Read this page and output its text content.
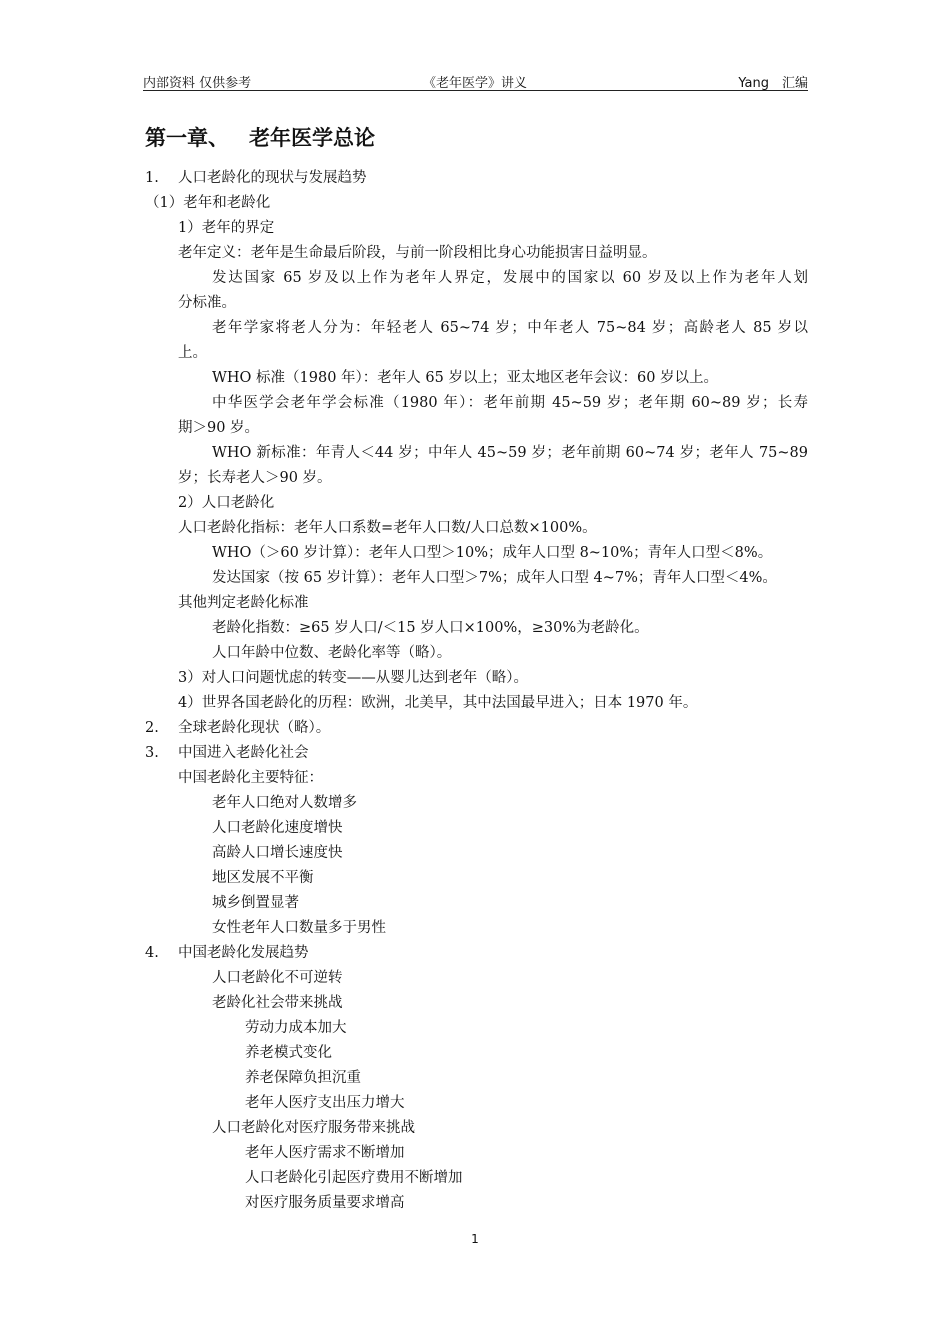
内部资料 仅供参考	《老年医学》讲义	Yang　汇编
第一章、 老年医学总论
1. 人口老龄化的现状与发展趋势
（1）老年和老龄化
1）老年的界定
老年定义：老年是生命最后阶段，与前一阶段相比身心功能损害日益明显。
发达国家 65 岁及以上作为老年人界定，发展中的国家以 60 岁及以上作为老年人划
分标准。
老年学家将老人分为：年轻老人 65~74 岁；中年老人 75~84 岁；高龄老人 85 岁以
上。
WHO 标准（1980 年）：老年人 65 岁以上；亚太地区老年会议：60 岁以上。
中华医学会老年学会标准（1980 年）：老年前期 45~59 岁；老年期 60~89 岁；长寿
期＞90 岁。
WHO 新标准：年青人＜44 岁；中年人 45~59 岁；老年前期 60~74 岁；老年人 75~89
岁；长寿老人＞90 岁。
2）人口老龄化
人口老龄化指标：老年人口系数=老年人口数/人口总数×100%。
WHO（＞60 岁计算）：老年人口型＞10%；成年人口型 8~10%；青年人口型＜8%。
发达国家（按 65 岁计算）：老年人口型＞7%；成年人口型 4~7%；青年人口型＜4%。
其他判定老龄化标准
老龄化指数：≥65 岁人口/＜15 岁人口×100%，≥30%为老龄化。
人口年龄中位数、老龄化率等（略）。
3）对人口问题忧虑的转变——从婴儿达到老年（略）。
4）世界各国老龄化的历程：欧洲，北美早，其中法国最早进入；日本 1970 年。
2. 全球老龄化现状（略）。
3. 中国进入老龄化社会
中国老龄化主要特征：
老年人口绝对人数增多
人口老龄化速度增快
高龄人口增长速度快
地区发展不平衡
城乡倒置显著
女性老年人口数量多于男性
4. 中国老龄化发展趋势
人口老龄化不可逆转
老龄化社会带来挑战
劳动力成本加大
养老模式变化
养老保障负担沉重
老年人医疗支出压力增大
人口老龄化对医疗服务带来挑战
老年人医疗需求不断增加
人口老龄化引起医疗费用不断增加
对医疗服务质量要求增高
1
